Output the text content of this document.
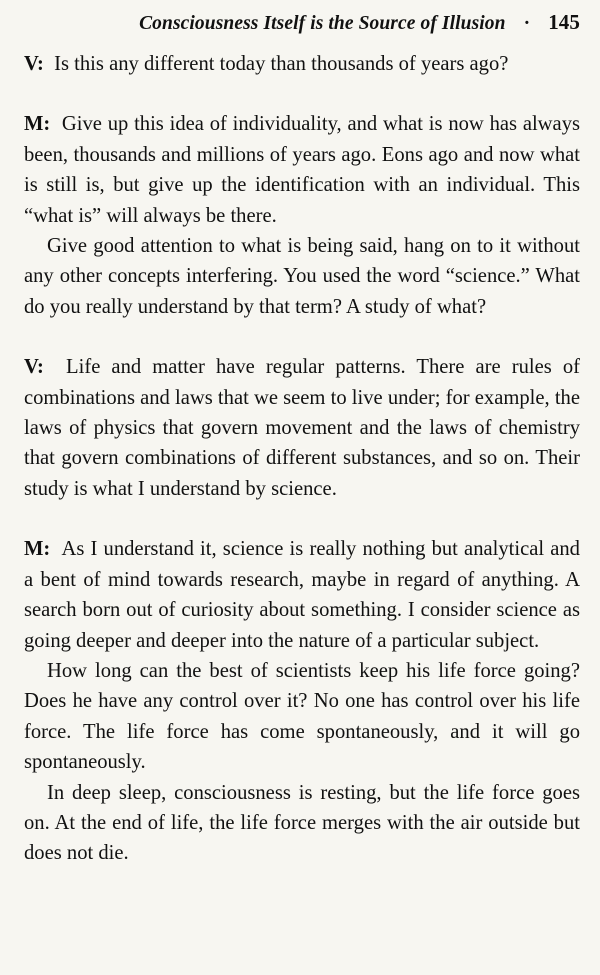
Consciousness Itself is the Source of Illusion · 145

V: Is this any different today than thousands of years ago?

M: Give up this idea of individuality, and what is now has always been, thousands and millions of years ago. Eons ago and now what is still is, but give up the identification with an individual. This “what is” will always be there.

Give good attention to what is being said, hang on to it without any other concepts interfering. You used the word “science.” What do you really understand by that term? A study of what?

V: Life and matter have regular patterns. There are rules of combinations and laws that we seem to live under; for example, the laws of physics that govern movement and the laws of chemistry that govern combinations of different substances, and so on. Their study is what I understand by science.

M: As I understand it, science is really nothing but analytical and a bent of mind towards research, maybe in regard of anything. A search born out of curiosity about something. I consider science as going deeper and deeper into the nature of a particular subject.

How long can the best of scientists keep his life force going? Does he have any control over it? No one has control over his life force. The life force has come spontaneously, and it will go spontaneously.

In deep sleep, consciousness is resting, but the life force goes on. At the end of life, the life force merges with the air outside but does not die.
